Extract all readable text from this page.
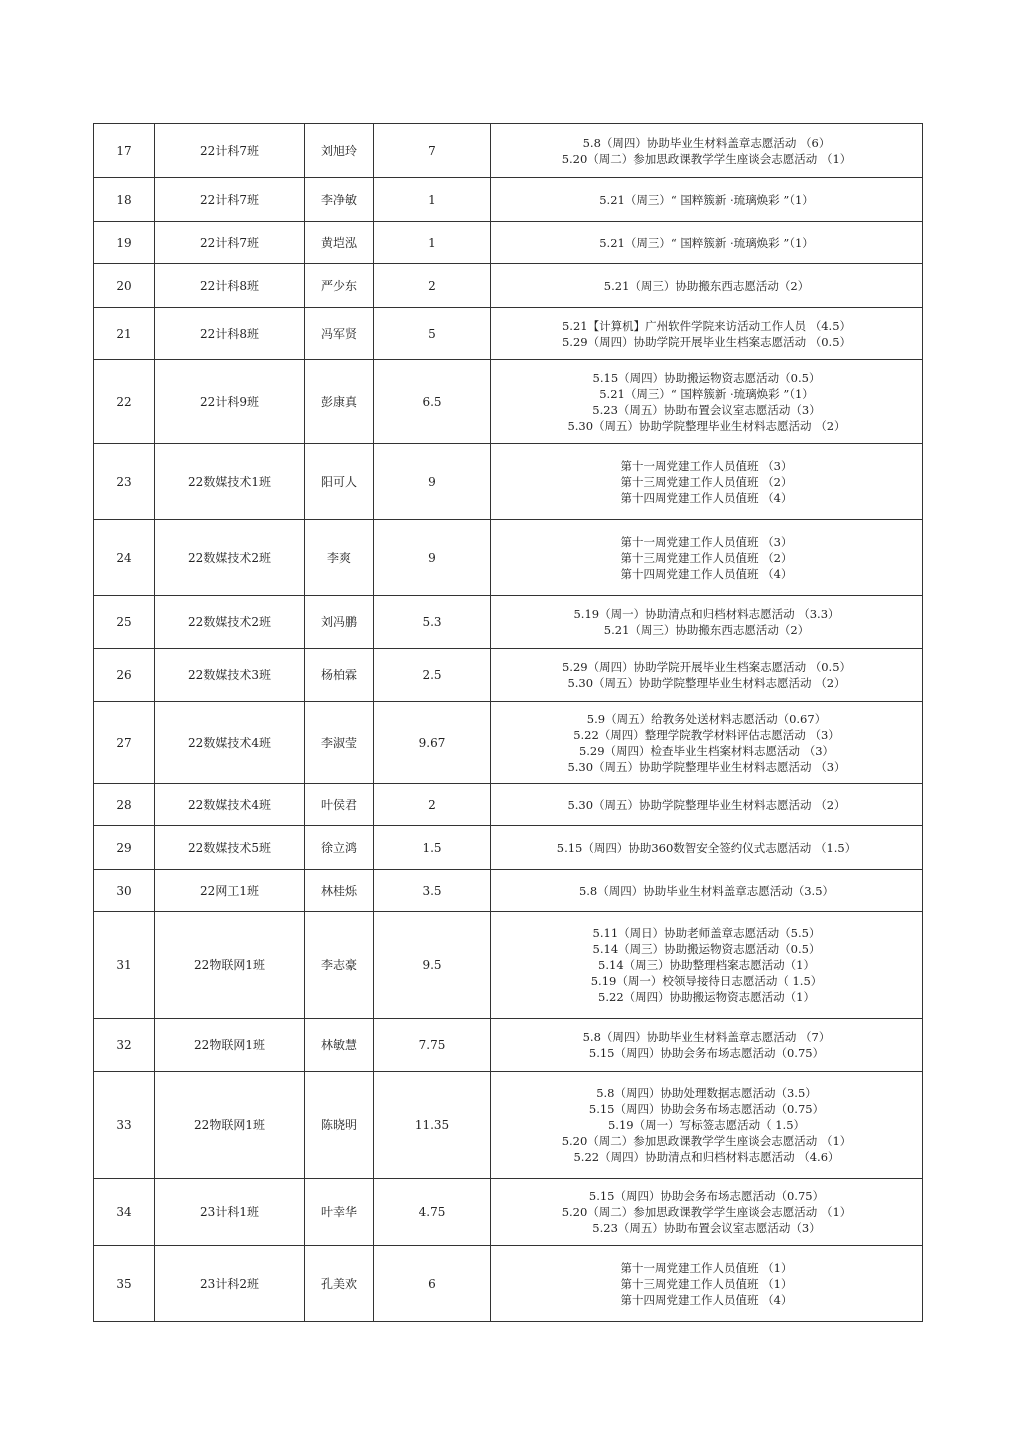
17	22计科7班	刘旭玲	7	5.8（周四）协助毕业生材料盖章志愿活动 （6）
5.20（周二）参加思政课教学学生座谈会志愿活动 （1）

18	22计科7班	李净敏	1	5.21（周三）“ 国粹簇新 ·琉璃焕彩 ”（1）

19	22计科7班	黄垲泓	1	5.21（周三）“ 国粹簇新 ·琉璃焕彩 ”（1）

20	22计科8班	严少东	2	5.21（周三）协助搬东西志愿活动（2）

21	22计科8班	冯军贤	5	5.21【计算机】广州软件学院来访活动工作人员 （4.5）
5.29（周四）协助学院开展毕业生档案志愿活动 （0.5）

22	22计科9班	彭康真	6.5	5.15（周四）协助搬运物资志愿活动（0.5）
5.21（周三）“ 国粹簇新 ·琉璃焕彩 ”（1）
5.23（周五）协助布置会议室志愿活动（3）
5.30（周五）协助学院整理毕业生材料志愿活动 （2）

23	22数媒技术1班	阳可人	9	第十一周党建工作人员值班 （3）
第十三周党建工作人员值班 （2）
第十四周党建工作人员值班 （4）

24	22数媒技术2班	李爽	9	第十一周党建工作人员值班 （3）
第十三周党建工作人员值班 （2）
第十四周党建工作人员值班 （4）

25	22数媒技术2班	刘冯鹏	5.3	5.19（周一）协助清点和归档材料志愿活动 （3.3）
5.21（周三）协助搬东西志愿活动（2）

26	22数媒技术3班	杨柏霖	2.5	5.29（周四）协助学院开展毕业生档案志愿活动 （0.5）
5.30（周五）协助学院整理毕业生材料志愿活动 （2）

27	22数媒技术4班	李淑莹	9.67	5.9（周五）给教务处送材料志愿活动（0.67）
5.22（周四）整理学院教学材料评估志愿活动 （3）
5.29（周四）检查毕业生档案材料志愿活动 （3）
5.30（周五）协助学院整理毕业生材料志愿活动 （3）

28	22数媒技术4班	叶侯君	2	5.30（周五）协助学院整理毕业生材料志愿活动 （2）

29	22数媒技术5班	徐立鸿	1.5	5.15（周四）协助360数智安全签约仪式志愿活动 （1.5）

30	22网工1班	林桂烁	3.5	5.8（周四）协助毕业生材料盖章志愿活动（3.5）

31	22物联网1班	李志豪	9.5	5.11（周日）协助老师盖章志愿活动（5.5）
5.14（周三）协助搬运物资志愿活动（0.5）
5.14（周三）协助整理档案志愿活动（1）
5.19（周一）校领导接待日志愿活动（ 1.5）
5.22（周四）协助搬运物资志愿活动（1）

32	22物联网1班	林敏慧	7.75	5.8（周四）协助毕业生材料盖章志愿活动 （7）
5.15（周四）协助会务布场志愿活动（0.75）

33	22物联网1班	陈晓明	11.35	5.8（周四）协助处理数据志愿活动（3.5）
5.15（周四）协助会务布场志愿活动（0.75）
5.19（周一）写标签志愿活动（ 1.5）
5.20（周二）参加思政课教学学生座谈会志愿活动 （1）
5.22（周四）协助清点和归档材料志愿活动 （4.6）

34	23计科1班	叶幸华	4.75	5.15（周四）协助会务布场志愿活动（0.75）
5.20（周二）参加思政课教学学生座谈会志愿活动 （1）
5.23（周五）协助布置会议室志愿活动（3）

35	23计科2班	孔美欢	6	第十一周党建工作人员值班 （1）
第十三周党建工作人员值班 （1）
第十四周党建工作人员值班 （4）
